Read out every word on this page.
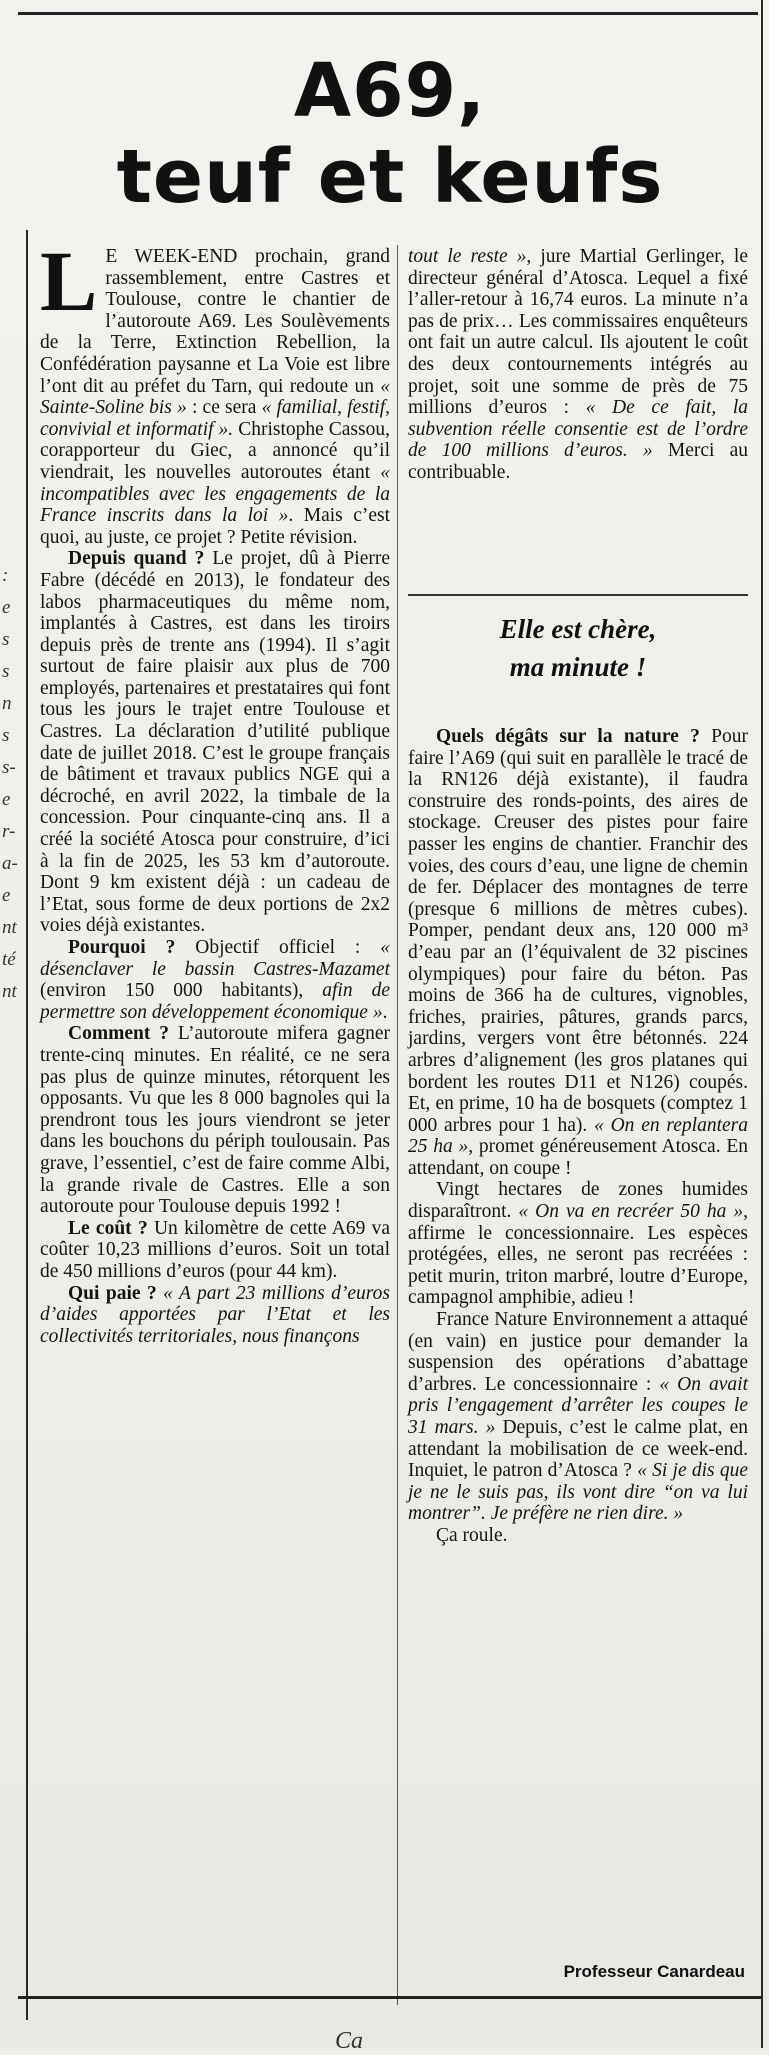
:
e
s
s
n
s
s-
e
r-
a-
e
nt
té
nt
A69,
teuf et keufs

L E WEEK-END prochain, grand rassemblement, entre Castres et Toulouse, contre le chantier de l’autoroute A69. Les Soulèvements de la Terre, Extinction Rebellion, la Confédération paysanne et La Voie est libre l’ont dit au préfet du Tarn, qui redoute un « Sainte-Soline bis » : ce sera « familial, festif, convivial et informatif ». Christophe Cassou, corapporteur du Giec, a annoncé qu’il viendrait, les nouvelles autoroutes étant « incompatibles avec les engagements de la France inscrits dans la loi ». Mais c’est quoi, au juste, ce projet ? Petite révision.

Depuis quand ? Le projet, dû à Pierre Fabre (décédé en 2013), le fondateur des labos pharmaceutiques du même nom, implantés à Castres, est dans les tiroirs depuis près de trente ans (1994). Il s’agit surtout de faire plaisir aux plus de 700 employés, partenaires et prestataires qui font tous les jours le trajet entre Toulouse et Castres. La déclaration d’utilité publique date de juillet 2018. C’est le groupe français de bâtiment et travaux publics NGE qui a décroché, en avril 2022, la timbale de la concession. Pour cinquante-cinq ans. Il a créé la société Atosca pour construire, d’ici à la fin de 2025, les 53 km d’autoroute. Dont 9 km existent déjà : un cadeau de l’Etat, sous forme de deux portions de 2x2 voies déjà existantes.

Pourquoi ? Objectif officiel : « désenclaver le bassin Castres-Mazamet (environ 150 000 habitants), afin de permettre son développement économique ».

Comment ? L’autoroute mifera gagner trente-cinq minutes. En réalité, ce ne sera pas plus de quinze minutes, rétorquent les opposants. Vu que les 8 000 bagnoles qui la prendront tous les jours viendront se jeter dans les bouchons du périph toulousain. Pas grave, l’essentiel, c’est de faire comme Albi, la grande rivale de Castres. Elle a son autoroute pour Toulouse depuis 1992 !

Le coût ? Un kilomètre de cette A69 va coûter 10,23 millions d’euros. Soit un total de 450 millions d’euros (pour 44 km).

Qui paie ? « A part 23 millions d’euros d’aides apportées par l’Etat et les collectivités territoriales, nous finançons

tout le reste », jure Martial Gerlinger, le directeur général d’Atosca. Lequel a fixé l’aller-retour à 16,74 euros. La minute n’a pas de prix… Les commissaires enquêteurs ont fait un autre calcul. Ils ajoutent le coût des deux contournements intégrés au projet, soit une somme de près de 75 millions d’euros : « De ce fait, la subvention réelle consentie est de l’ordre de 100 millions d’euros. » Merci au contribuable.

Elle est chère,
ma minute !

Quels dégâts sur la nature ? Pour faire l’A69 (qui suit en parallèle le tracé de la RN126 déjà existante), il faudra construire des ronds-points, des aires de stockage. Creuser des pistes pour faire passer les engins de chantier. Franchir des voies, des cours d’eau, une ligne de chemin de fer. Déplacer des montagnes de terre (presque 6 millions de mètres cubes). Pomper, pendant deux ans, 120 000 m³ d’eau par an (l’équivalent de 32 piscines olympiques) pour faire du béton. Pas moins de 366 ha de cultures, vignobles, friches, prairies, pâtures, grands parcs, jardins, vergers vont être bétonnés. 224 arbres d’alignement (les gros platanes qui bordent les routes D11 et N126) coupés. Et, en prime, 10 ha de bosquets (comptez 1 000 arbres pour 1 ha). « On en replantera 25 ha », promet généreusement Atosca. En attendant, on coupe !

Vingt hectares de zones humides disparaîtront. « On va en recréer 50 ha », affirme le concessionnaire. Les espèces protégées, elles, ne seront pas recréées : petit murin, triton marbré, loutre d’Europe, campagnol amphibie, adieu !

France Nature Environnement a attaqué (en vain) en justice pour demander la suspension des opérations d’abattage d’arbres. Le concessionnaire : « On avait pris l’engagement d’arrêter les coupes le 31 mars. » Depuis, c’est le calme plat, en attendant la mobilisation de ce week-end. Inquiet, le patron d’Atosca ? « Si je dis que je ne le suis pas, ils vont dire “on va lui montrer”. Je préfère ne rien dire. »

Ça roule.

Professeur Canardeau
Ca
